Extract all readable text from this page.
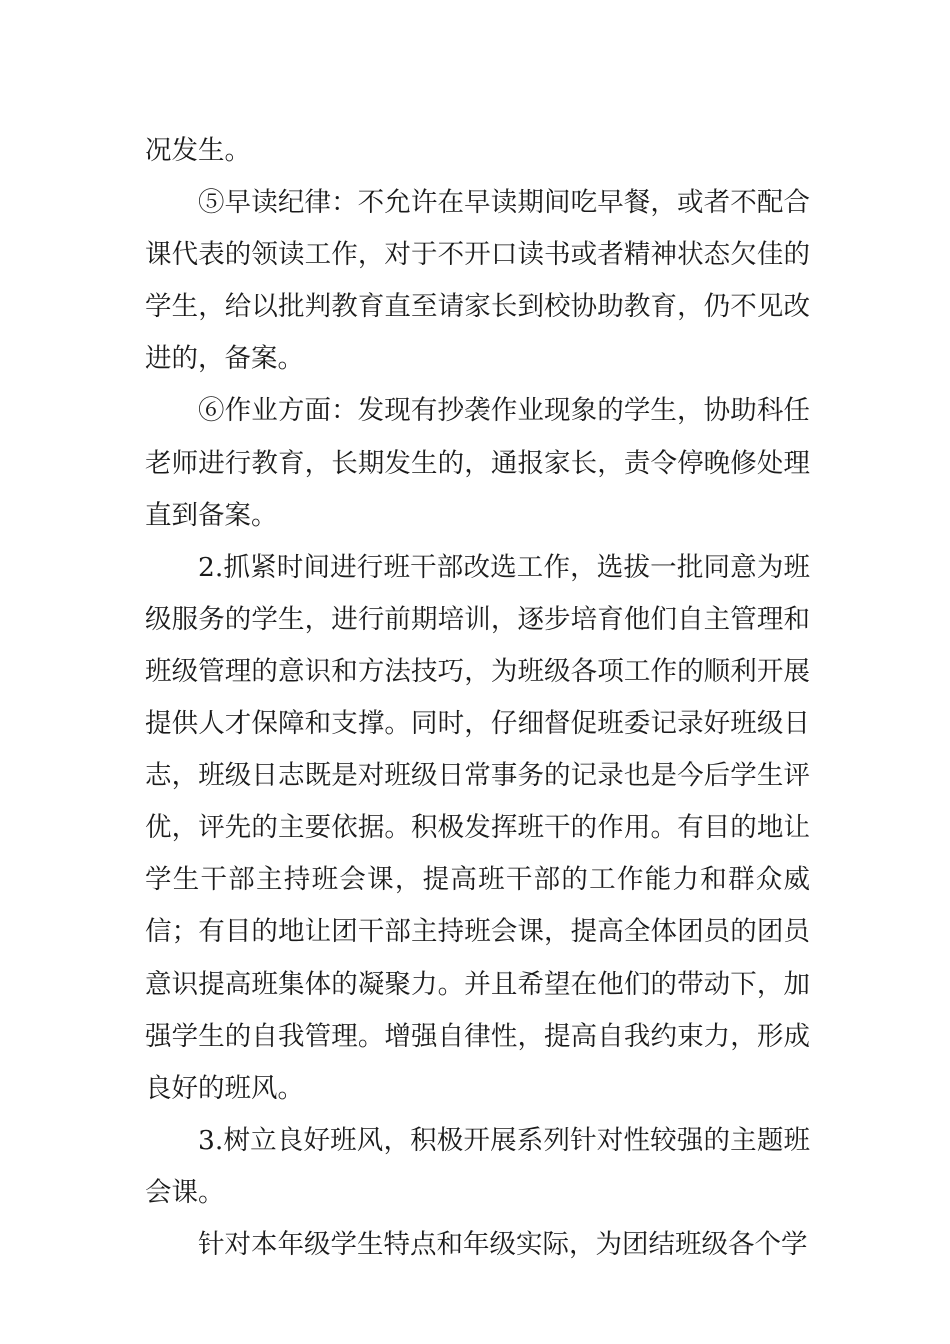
况发生。

⑤早读纪律：不允许在早读期间吃早餐，或者不配合课代表的领读工作，对于不开口读书或者精神状态欠佳的学生，给以批判教育直至请家长到校协助教育，仍不见改进的，备案。

⑥作业方面：发现有抄袭作业现象的学生，协助科任老师进行教育，长期发生的，通报家长，责令停晚修处理直到备案。

2.抓紧时间进行班干部改选工作，选拔一批同意为班级服务的学生，进行前期培训，逐步培育他们自主管理和班级管理的意识和方法技巧，为班级各项工作的顺利开展提供人才保障和支撑。同时，仔细督促班委记录好班级日志，班级日志既是对班级日常事务的记录也是今后学生评优，评先的主要依据。积极发挥班干的作用。有目的地让学生干部主持班会课，提高班干部的工作能力和群众威信；有目的地让团干部主持班会课，提高全体团员的团员意识提高班集体的凝聚力。并且希望在他们的带动下，加强学生的自我管理。增强自律性，提高自我约束力，形成良好的班风。

3.树立良好班风，积极开展系列针对性较强的主题班会课。

针对本年级学生特点和年级实际，为团结班级各个学
